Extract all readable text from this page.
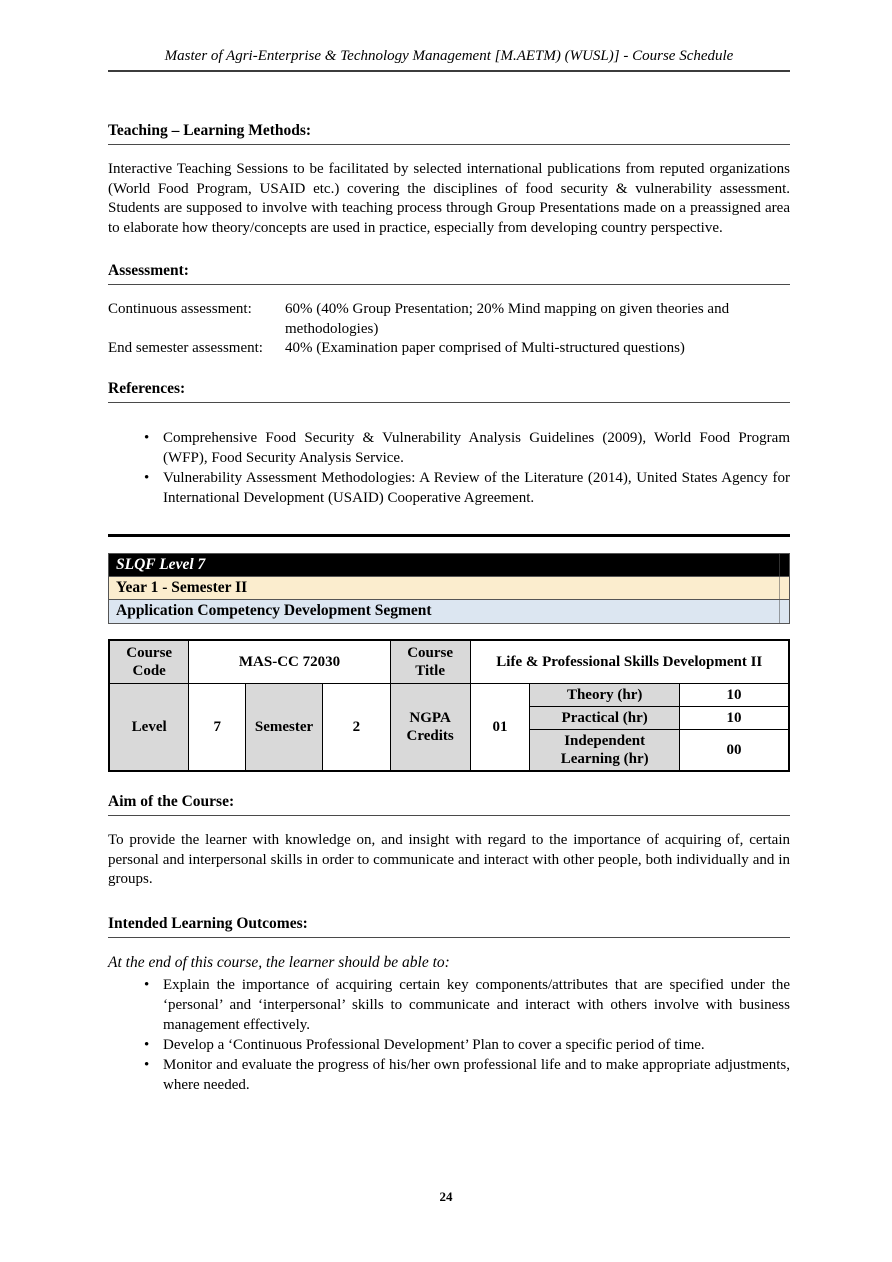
Master of Agri-Enterprise & Technology Management [M.AETM) (WUSL)] - Course Schedule
Teaching – Learning Methods:

Interactive Teaching Sessions to be facilitated by selected international publications from reputed organizations (World Food Program, USAID etc.) covering the disciplines of food security & vulnerability assessment. Students are supposed to involve with teaching process through Group Presentations made on a preassigned area to elaborate how theory/concepts are used in practice, especially from developing country perspective.

Assessment:
Continuous assessment:	60% (40% Group Presentation; 20% Mind mapping on given theories and methodologies)
End semester assessment:	40% (Examination paper comprised of Multi-structured questions)
References:
• Comprehensive Food Security & Vulnerability Analysis Guidelines (2009), World Food Program (WFP), Food Security Analysis Service.
• Vulnerability Assessment Methodologies: A Review of the Literature (2014), United States Agency for International Development (USAID) Cooperative Agreement.
SLQF Level 7
Year 1 - Semester II
Application Competency Development Segment
Course Code	MAS-CC 72030			Course Title	Life & Professional Skills Development II		
Level	7	Semester	2	NGPA Credits	01	Theory (hr)	10
						Practical (hr)	10
						Independent Learning (hr)	00
Aim of the Course:

To provide the learner with knowledge on, and insight with regard to the importance of acquiring of, certain personal and interpersonal skills in order to communicate and interact with other people, both individually and in groups.

Intended Learning Outcomes:
At the end of this course, the learner should be able to:
• Explain the importance of acquiring certain key components/attributes that are specified under the ‘personal’ and ‘interpersonal’ skills to communicate and interact with others involve with business management effectively.
• Develop a ‘Continuous Professional Development’ Plan to cover a specific period of time.
• Monitor and evaluate the progress of his/her own professional life and to make appropriate adjustments, where needed.
24
